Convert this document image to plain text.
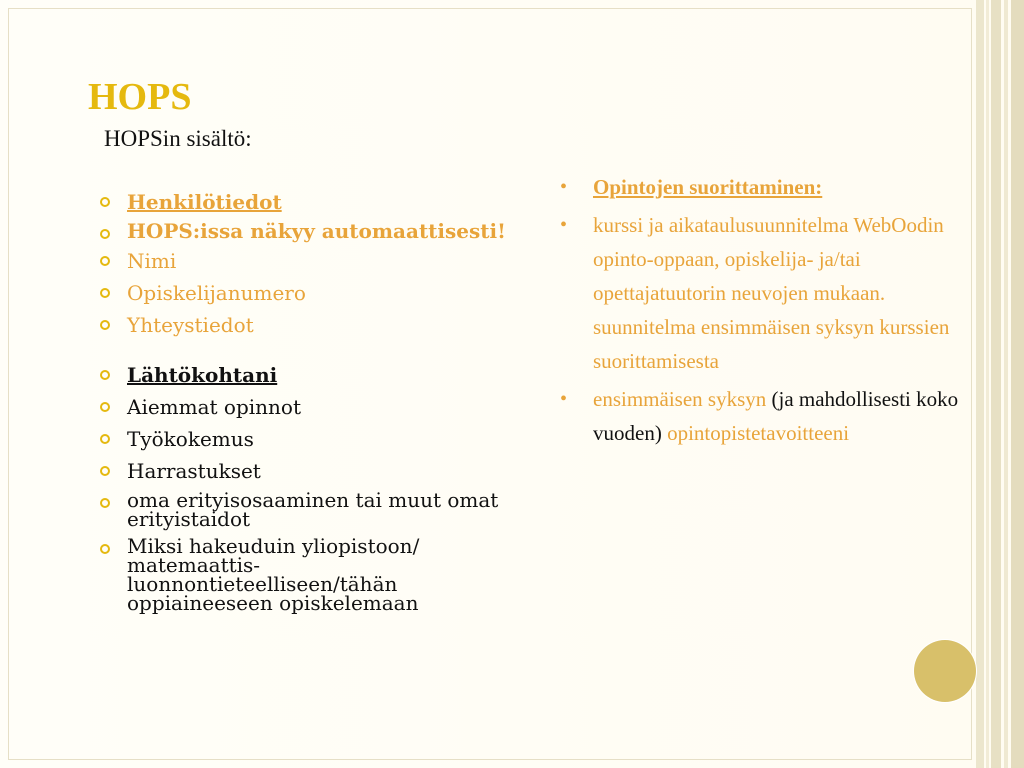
HOPS
HOPSin sisältö:
Henkilötiedot
HOPS:issa näkyy automaattisesti!
Nimi
Opiskelijanumero
Yhteystiedot
Lähtökohtani
Aiemmat opinnot
Työkokemus
Harrastukset
oma erityisosaaminen tai muut omat erityistaidot
Miksi hakeuduin yliopistoon/ matemaattis-luonnontieteelliseen/tähän oppiaineeseen opiskelemaan
• Opintojen suorittaminen:
• kurssi ja aikataulusuunnitelma WebOodin opinto-oppaan, opiskelija- ja/tai opettajatuutorin neuvojen mukaan. suunnitelma ensimmäisen syksyn kurssien suorittamisesta
• ensimmäisen syksyn (ja mahdollisesti koko vuoden) opintopistetavoitteeni
